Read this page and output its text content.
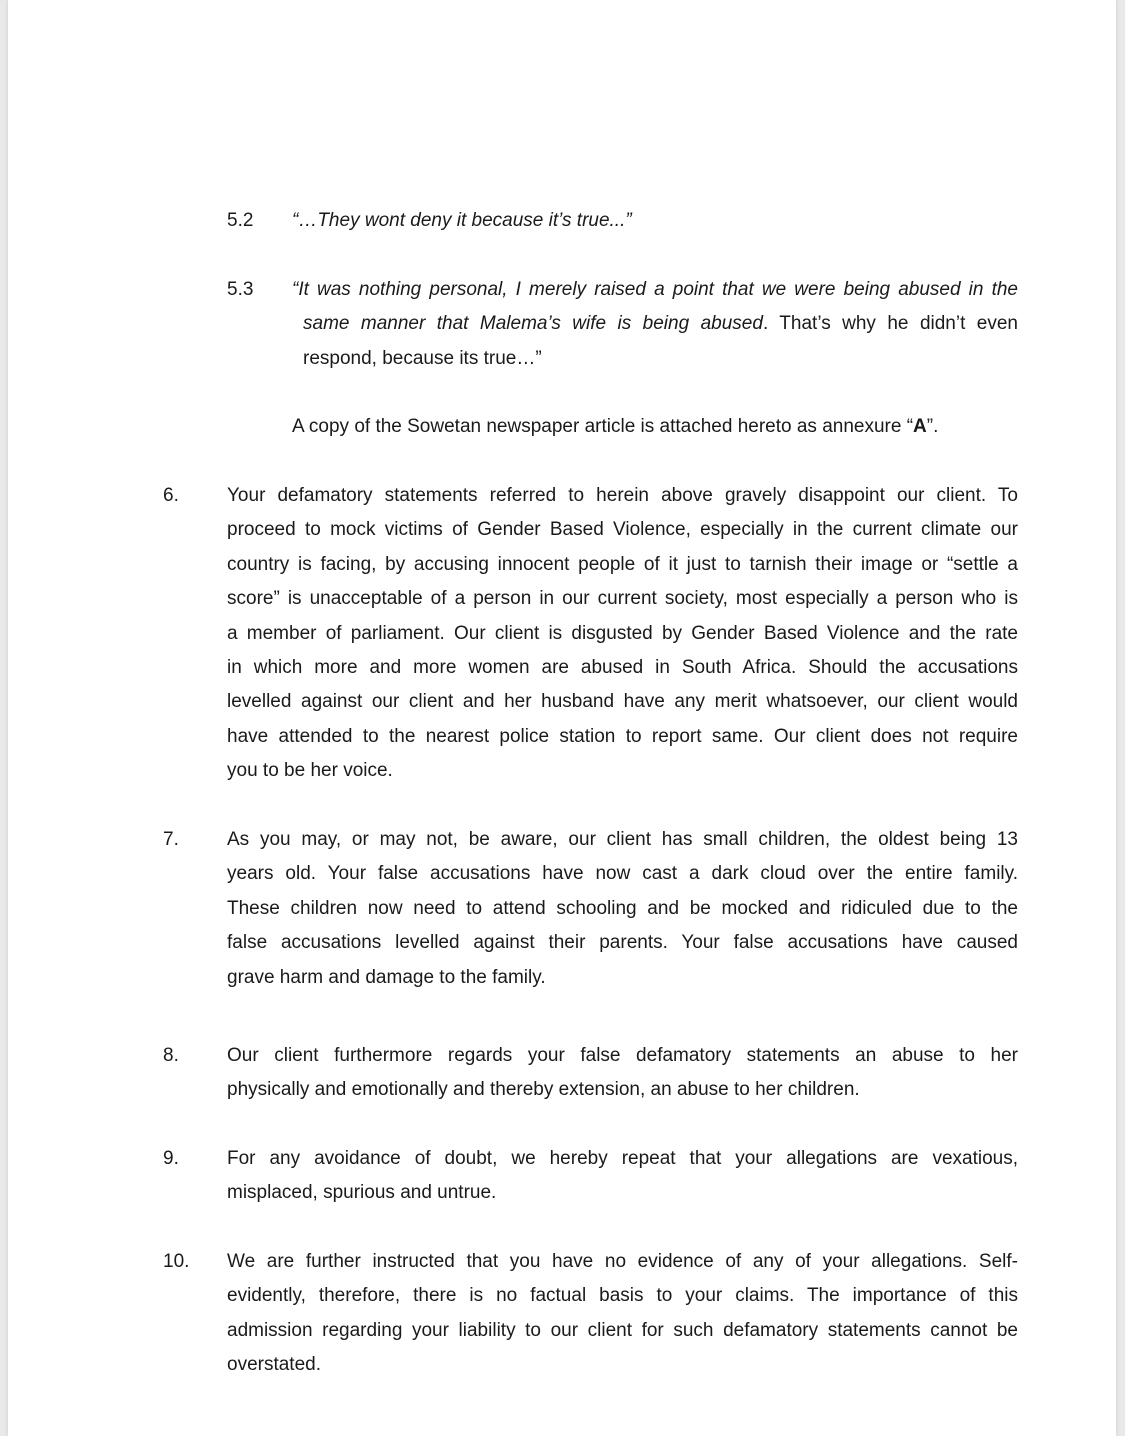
5.2 “…They wont deny it because it’s true...”
5.3 “It was nothing personal, I merely raised a point that we were being abused in the
same manner that Malema’s wife is being abused. That’s why he didn’t even
respond, because its true…”
A copy of the Sowetan newspaper article is attached hereto as annexure “A”.
6.	Your defamatory statements referred to herein above gravely disappoint our client. To
proceed to mock victims of Gender Based Violence, especially in the current climate our
country is facing, by accusing innocent people of it just to tarnish their image or “settle a
score” is unacceptable of a person in our current society, most especially a person who is
a member of parliament. Our client is disgusted by Gender Based Violence and the rate
in which more and more women are abused in South Africa. Should the accusations
levelled against our client and her husband have any merit whatsoever, our client would
have attended to the nearest police station to report same. Our client does not require
you to be her voice.
7.	As you may, or may not, be aware, our client has small children, the oldest being 13
years old. Your false accusations have now cast a dark cloud over the entire family.
These children now need to attend schooling and be mocked and ridiculed due to the
false accusations levelled against their parents. Your false accusations have caused
grave harm and damage to the family.
8.	Our client furthermore regards your false defamatory statements an abuse to her
physically and emotionally and thereby extension, an abuse to her children.
9.	For any avoidance of doubt, we hereby repeat that your allegations are vexatious,
misplaced, spurious and untrue.
10. We are further instructed that you have no evidence of any of your allegations. Self-
evidently, therefore, there is no factual basis to your claims. The importance of this
admission regarding your liability to our client for such defamatory statements cannot be
overstated.
